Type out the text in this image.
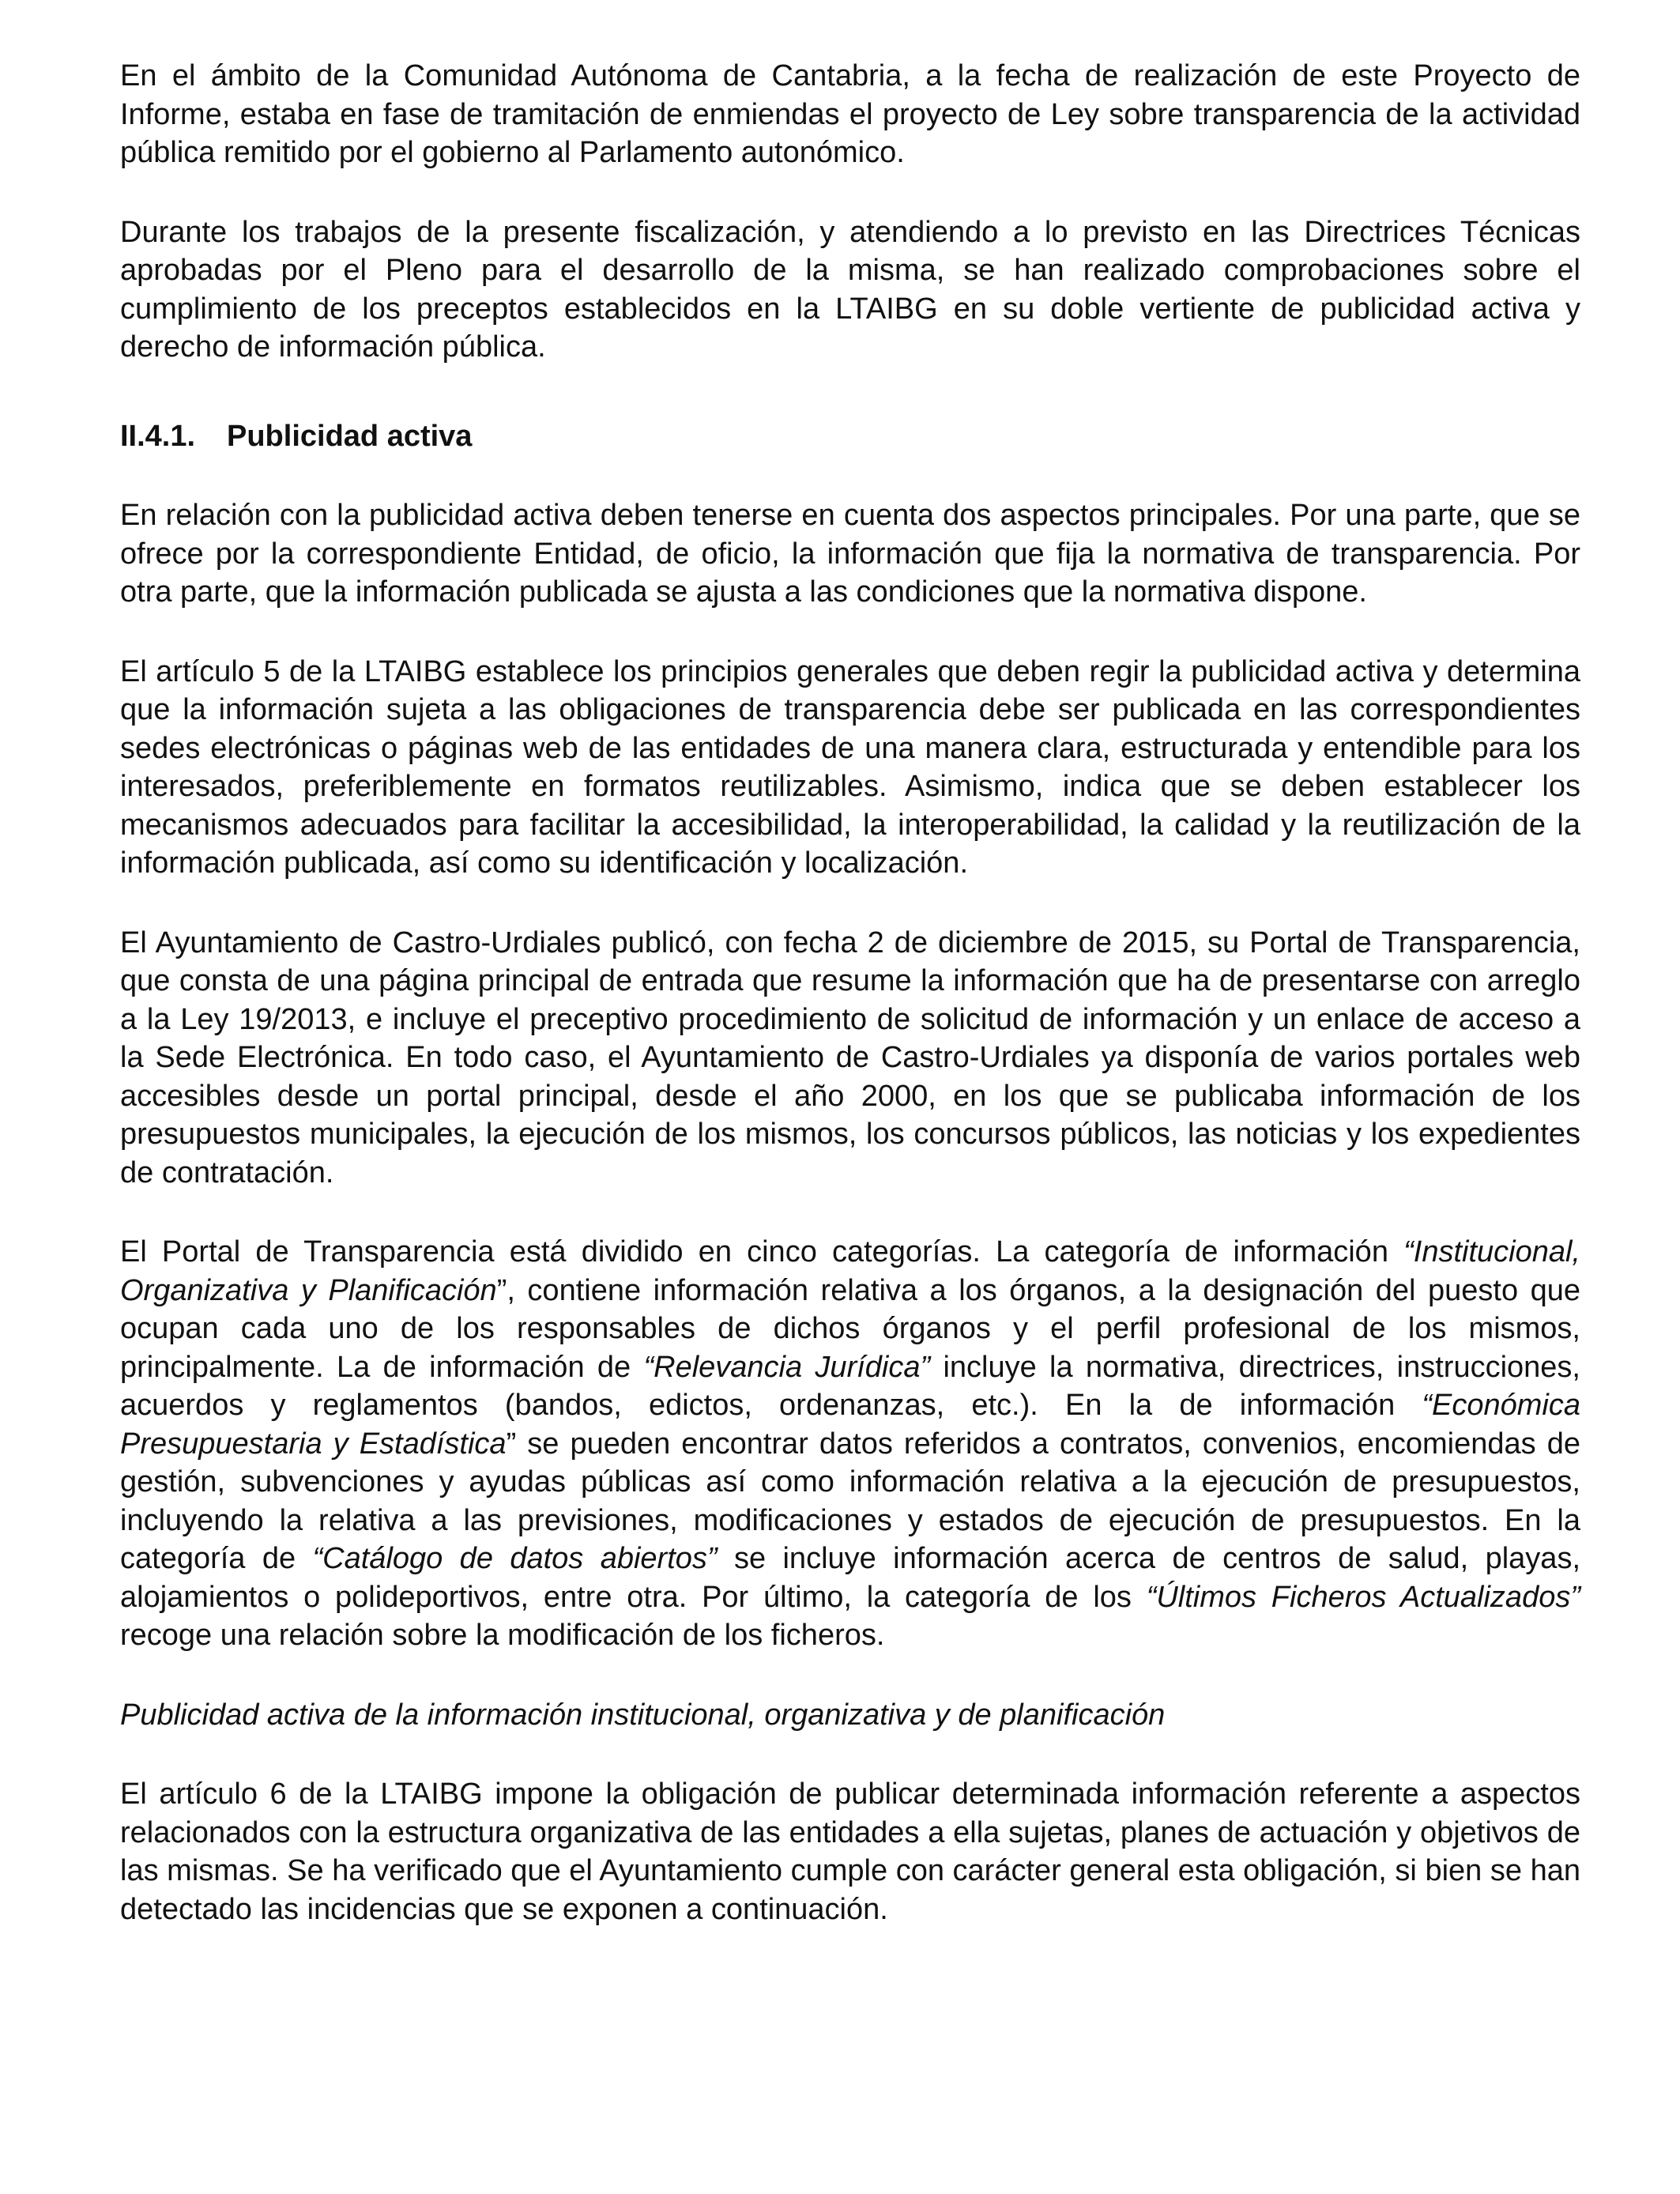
En el ámbito de la Comunidad Autónoma de Cantabria, a la fecha de realización de este Proyecto de Informe, estaba en fase de tramitación de enmiendas el proyecto de Ley sobre transparencia de la actividad pública remitido por el gobierno al Parlamento autonómico.

Durante los trabajos de la presente fiscalización, y atendiendo a lo previsto en las Directrices Técnicas aprobadas por el Pleno para el desarrollo de la misma, se han realizado comprobaciones sobre el cumplimiento de los preceptos establecidos en la LTAIBG en su doble vertiente de publicidad activa y derecho de información pública.

II.4.1. Publicidad activa

En relación con la publicidad activa deben tenerse en cuenta dos aspectos principales. Por una parte, que se ofrece por la correspondiente Entidad, de oficio, la información que fija la normativa de transparencia. Por otra parte, que la información publicada se ajusta a las condiciones que la normativa dispone.

El artículo 5 de la LTAIBG establece los principios generales que deben regir la publicidad activa y determina que la información sujeta a las obligaciones de transparencia debe ser publicada en las correspondientes sedes electrónicas o páginas web de las entidades de una manera clara, estructurada y entendible para los interesados, preferiblemente en formatos reutilizables. Asimismo, indica que se deben establecer los mecanismos adecuados para facilitar la accesibilidad, la interoperabilidad, la calidad y la reutilización de la información publicada, así como su identificación y localización.

El Ayuntamiento de Castro-Urdiales publicó, con fecha 2 de diciembre de 2015, su Portal de Transparencia, que consta de una página principal de entrada que resume la información que ha de presentarse con arreglo a la Ley 19/2013, e incluye el preceptivo procedimiento de solicitud de información y un enlace de acceso a la Sede Electrónica. En todo caso, el Ayuntamiento de Castro-Urdiales ya disponía de varios portales web accesibles desde un portal principal, desde el año 2000, en los que se publicaba información de los presupuestos municipales, la ejecución de los mismos, los concursos públicos, las noticias y los expedientes de contratación.

El Portal de Transparencia está dividido en cinco categorías. La categoría de información “Institucional, Organizativa y Planificación”, contiene información relativa a los órganos, a la designación del puesto que ocupan cada uno de los responsables de dichos órganos y el perfil profesional de los mismos, principalmente. La de información de “Relevancia Jurídica” incluye la normativa, directrices, instrucciones, acuerdos y reglamentos (bandos, edictos, ordenanzas, etc.). En la de información “Económica Presupuestaria y Estadística” se pueden encontrar datos referidos a contratos, convenios, encomiendas de gestión, subvenciones y ayudas públicas así como información relativa a la ejecución de presupuestos, incluyendo la relativa a las previsiones, modificaciones y estados de ejecución de presupuestos. En la categoría de “Catálogo de datos abiertos” se incluye información acerca de centros de salud, playas, alojamientos o polideportivos, entre otra. Por último, la categoría de los “Últimos Ficheros Actualizados” recoge una relación sobre la modificación de los ficheros.

Publicidad activa de la información institucional, organizativa y de planificación

El artículo 6 de la LTAIBG impone la obligación de publicar determinada información referente a aspectos relacionados con la estructura organizativa de las entidades a ella sujetas, planes de actuación y objetivos de las mismas. Se ha verificado que el Ayuntamiento cumple con carácter general esta obligación, si bien se han detectado las incidencias que se exponen a continuación.
